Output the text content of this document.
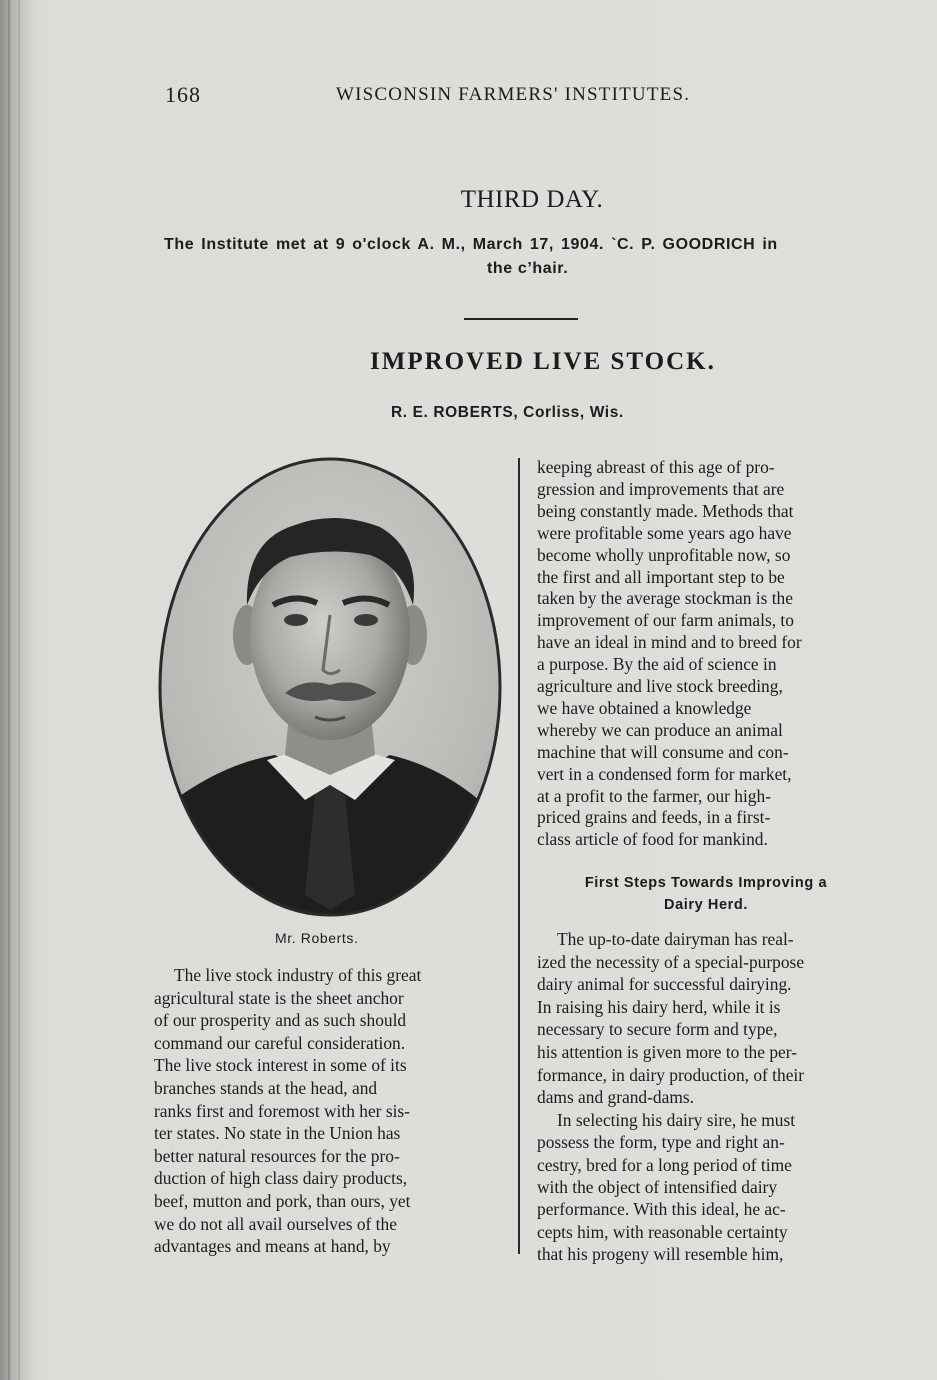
168	WISCONSIN FARMERS' INSTITUTES.
THIRD DAY.
The Institute met at 9 o'clock A. M., March 17, 1904. `C. P. GOODRICH in
the c’hair.
IMPROVED LIVE STOCK.
R. E. ROBERTS, Corliss, Wis.
Mr. Roberts.
The live stock industry of this great
agricultural state is the sheet anchor
of our prosperity and as such should
command our careful consideration.
The live stock interest in some of its
branches stands at the head, and
ranks first and foremost with her sis-
ter states. No state in the Union has
better natural resources for the pro-
duction of high class dairy products,
beef, mutton and pork, than ours, yet
we do not all avail ourselves of the
advantages and means at hand, by
First Steps Towards Improving a
Dairy Herd.
keeping abreast of this age of pro-
gression and improvements that are
being constantly made. Methods that
were profitable some years ago have
become wholly unprofitable now, so
the first and all important step to be
taken by the average stockman is the
improvement of our farm animals, to
have an ideal in mind and to breed for
a purpose. By the aid of science in
agriculture and live stock breeding,
we have obtained a knowledge
whereby we can produce an animal
machine that will consume and con-
vert in a condensed form for market,
at a profit to the farmer, our high-
priced grains and feeds, in a first-
class article of food for mankind.
The up-to-date dairyman has real-
ized the necessity of a special-purpose
dairy animal for successful dairying.
In raising his dairy herd, while it is
necessary to secure form and type,
his attention is given more to the per-
formance, in dairy production, of their
dams and grand-dams.
In selecting his dairy sire, he must
possess the form, type and right an-
cestry, bred for a long period of time
with the object of intensified dairy
performance. With this ideal, he ac-
cepts him, with reasonable certainty
that his progeny will resemble him,
